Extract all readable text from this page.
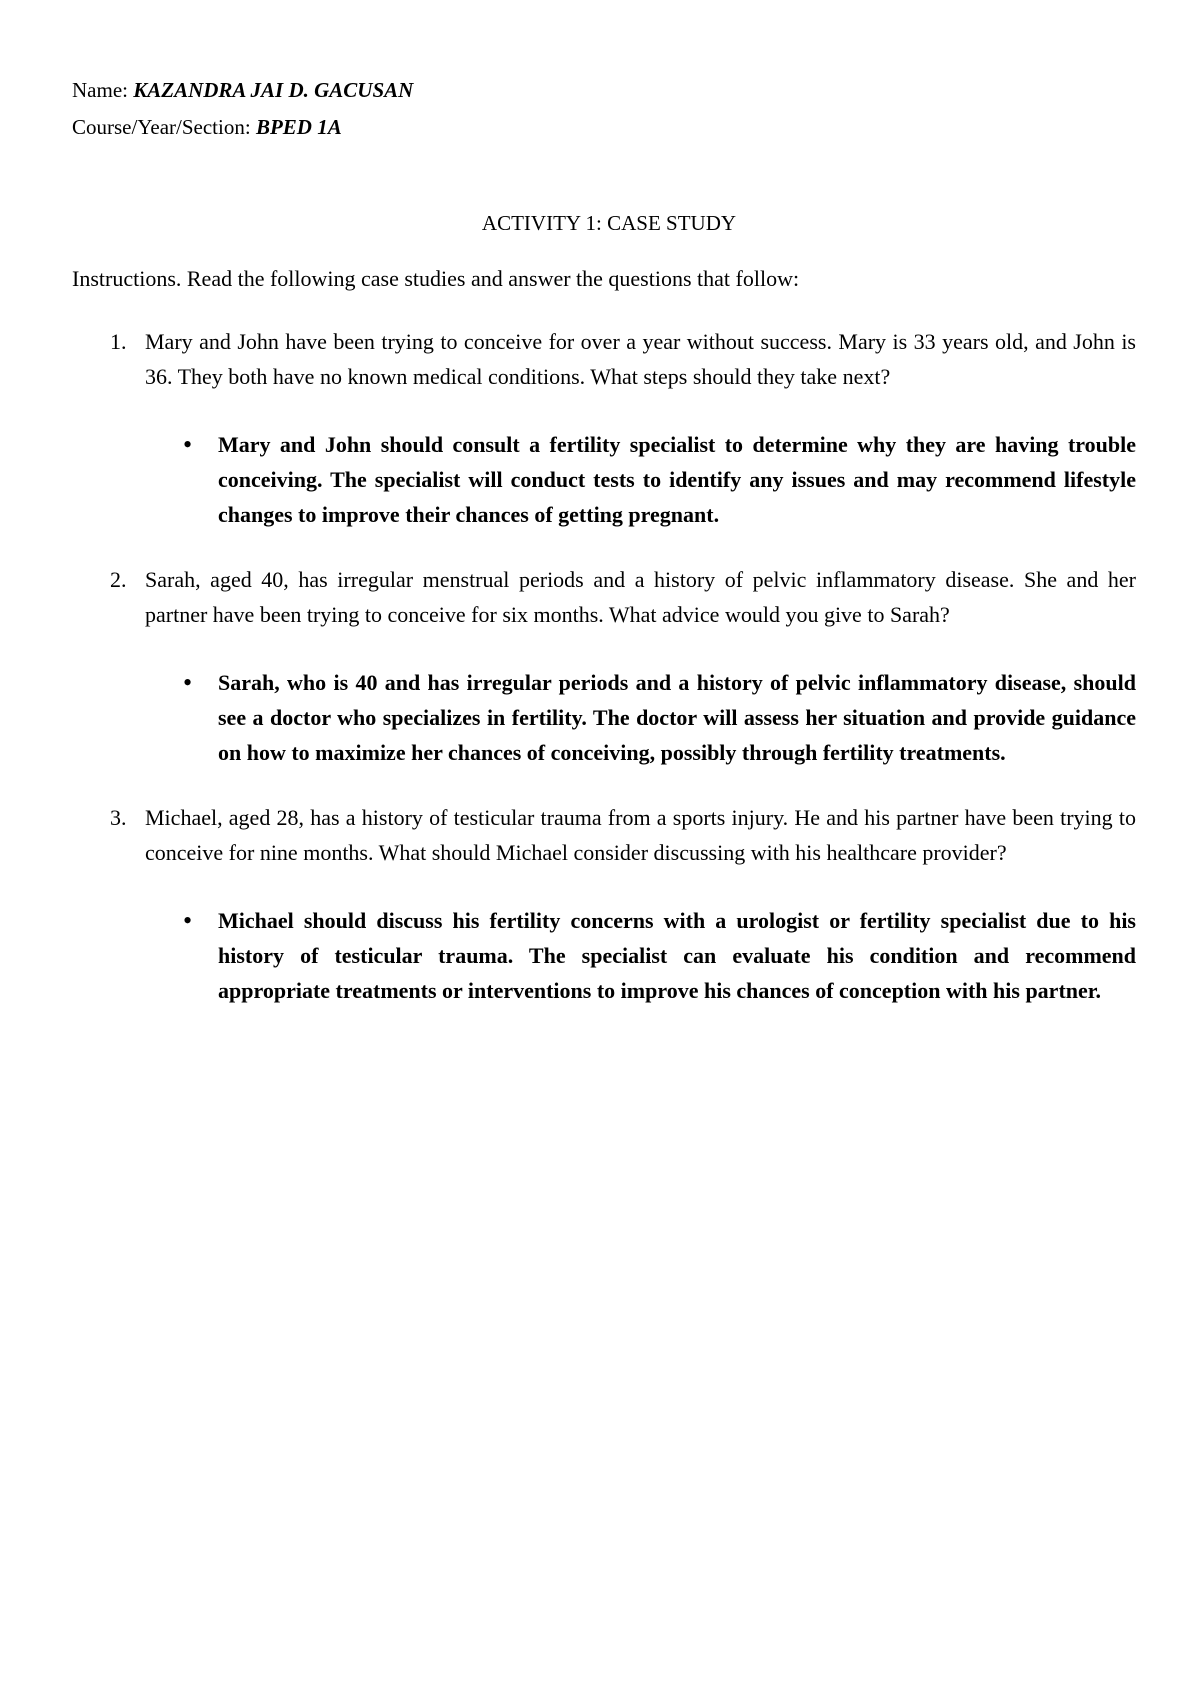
Name: KAZANDRA JAI D. GACUSAN
Course/Year/Section: BPED 1A
ACTIVITY 1: CASE STUDY
Instructions. Read the following case studies and answer the questions that follow:
1. Mary and John have been trying to conceive for over a year without success. Mary is 33 years old, and John is 36. They both have no known medical conditions. What steps should they take next?
• Mary and John should consult a fertility specialist to determine why they are having trouble conceiving. The specialist will conduct tests to identify any issues and may recommend lifestyle changes to improve their chances of getting pregnant.
2. Sarah, aged 40, has irregular menstrual periods and a history of pelvic inflammatory disease. She and her partner have been trying to conceive for six months. What advice would you give to Sarah?
• Sarah, who is 40 and has irregular periods and a history of pelvic inflammatory disease, should see a doctor who specializes in fertility. The doctor will assess her situation and provide guidance on how to maximize her chances of conceiving, possibly through fertility treatments.
3. Michael, aged 28, has a history of testicular trauma from a sports injury. He and his partner have been trying to conceive for nine months. What should Michael consider discussing with his healthcare provider?
• Michael should discuss his fertility concerns with a urologist or fertility specialist due to his history of testicular trauma. The specialist can evaluate his condition and recommend appropriate treatments or interventions to improve his chances of conception with his partner.
